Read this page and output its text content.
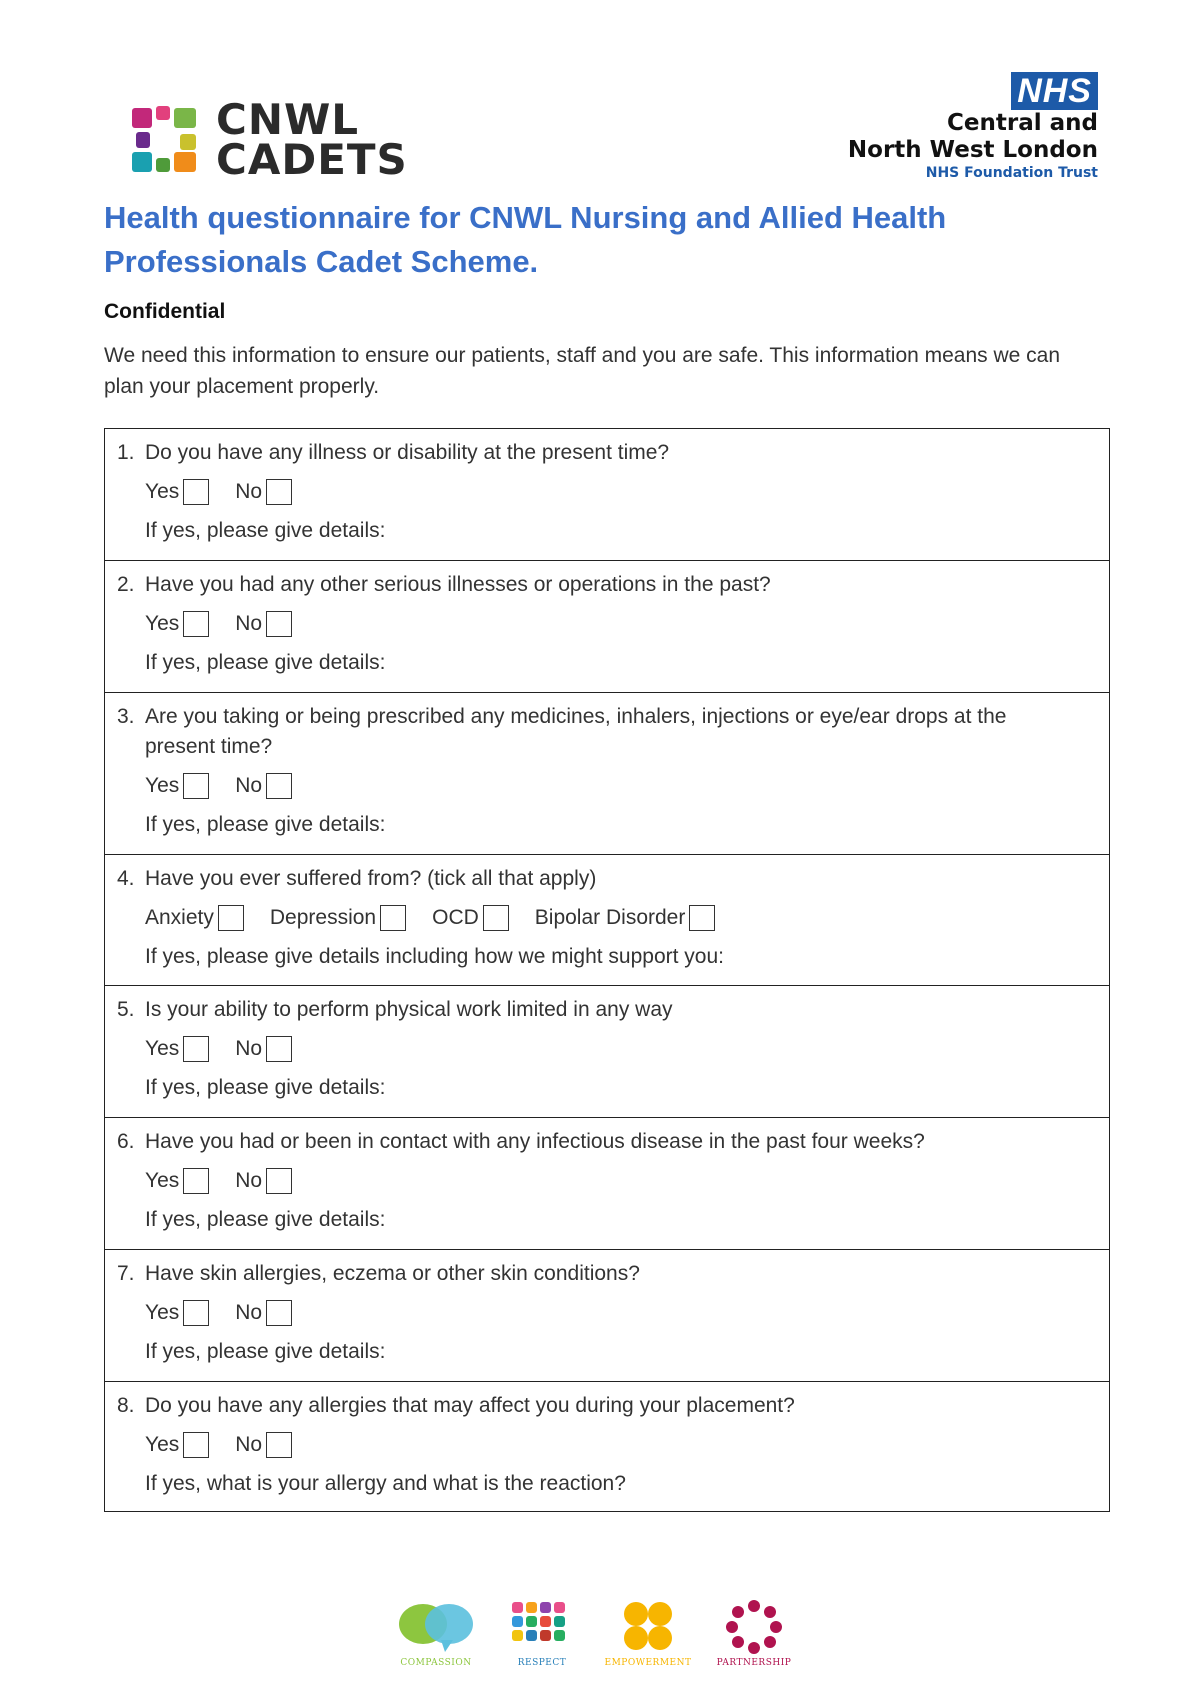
CNWL
CADETS
NHS
Central and
North West London
NHS Foundation Trust
Health questionnaire for CNWL Nursing and Allied Health
Professionals Cadet Scheme.
Confidential
We need this information to ensure our patients, staff and you are safe. This information means we can plan your placement properly.
1. Do you have any illness or disability at the present time?
Yes	No
If yes, please give details:
2. Have you had any other serious illnesses or operations in the past?
Yes	No
If yes, please give details:
3. Are you taking or being prescribed any medicines, inhalers, injections or eye/ear drops at the present time?
Yes	No
If yes, please give details:
4. Have you ever suffered from? (tick all that apply)
Anxiety	Depression	OCD	Bipolar Disorder
If yes, please give details including how we might support you:
5. Is your ability to perform physical work limited in any way
Yes	No
If yes, please give details:
6. Have you had or been in contact with any infectious disease in the past four weeks?
Yes	No
If yes, please give details:
7. Have skin allergies, eczema or other skin conditions?
Yes	No
If yes, please give details:
8. Do you have any allergies that may affect you during your placement?
Yes	No
If yes, what is your allergy and what is the reaction?
COMPASSION	RESPECT	EMPOWERMENT	PARTNERSHIP
